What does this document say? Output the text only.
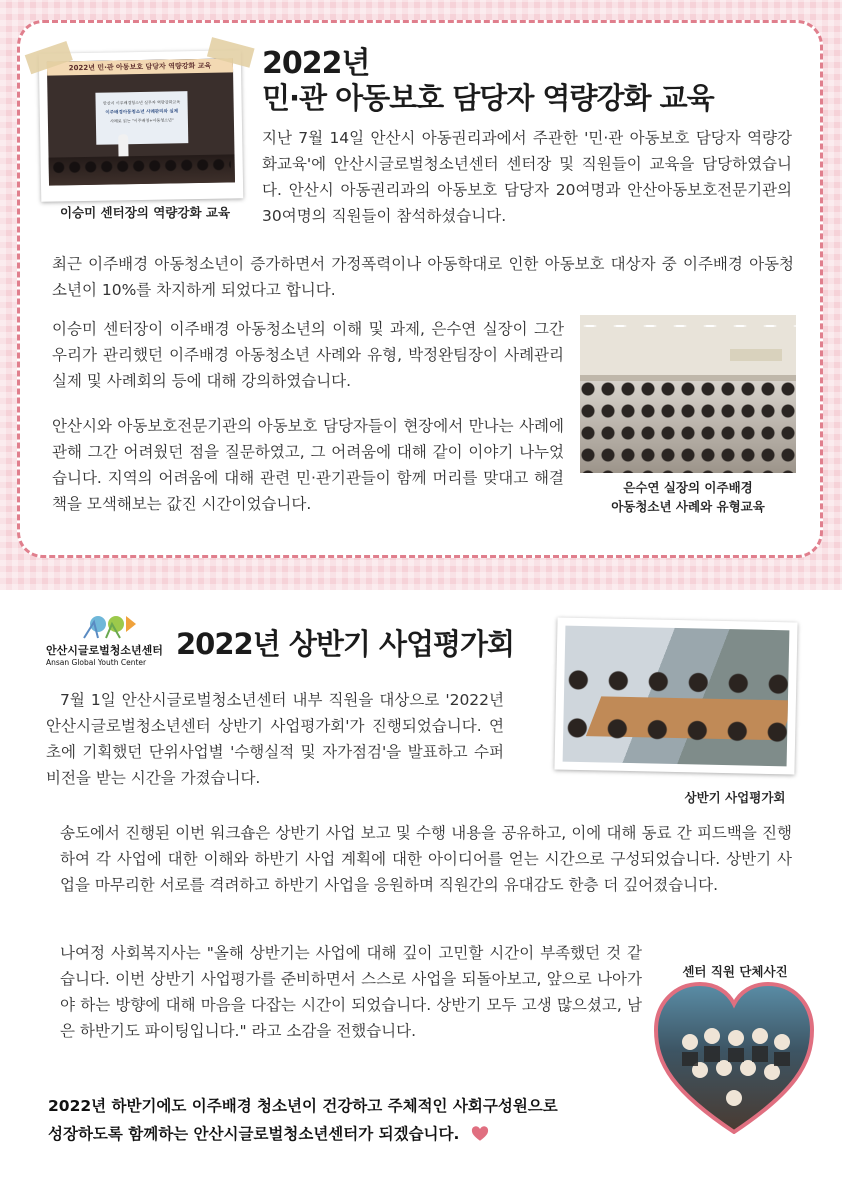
2022년 민·관 아동보호 담당자 역량강화 교육
안산시 이주배경청소년 실무자 역량강화교육
이주배경아동청소년 사례관리와 실제
사례로 읽는 "이주배경+아동청소년"
이승미 센터장의 역량강화 교육
2022년
민·관 아동보호 담당자 역량강화 교육

지난 7월 14일 안산시 아동권리과에서 주관한 '민·관 아동보호 담당자 역량강화교육'에 안산시글로벌청소년센터 센터장 및 직원들이 교육을 담당하였습니다. 안산시 아동권리과의 아동보호 담당자 20여명과 안산아동보호전문기관의 30여명의 직원들이 참석하셨습니다.

최근 이주배경 아동청소년이 증가하면서 가정폭력이나 아동학대로 인한 아동보호 대상자 중 이주배경 아동청소년이 10%를 차지하게 되었다고 합니다.

이승미 센터장이 이주배경 아동청소년의 이해 및 과제, 은수연 실장이 그간 우리가 관리했던 이주배경 아동청소년 사례와 유형, 박정완팀장이 사례관리 실제 및 사례회의 등에 대해 강의하였습니다.

안산시와 아동보호전문기관의 아동보호 담당자들이 현장에서 만나는 사례에 관해 그간 어려웠던 점을 질문하였고, 그 어려움에 대해 같이 이야기 나누었습니다. 지역의 어려움에 대해 관련 민·관기관들이 함께 머리를 맞대고 해결책을 모색해보는 값진 시간이었습니다.

은수연 실장의 이주배경
아동청소년 사례와 유형교육
안산시글로벌청소년센터
Ansan Global Youth Center
2022년 상반기 사업평가회

7월 1일 안산시글로벌청소년센터 내부 직원을 대상으로 '2022년 안산시글로벌청소년센터 상반기 사업평가회'가 진행되었습니다. 연초에 기획했던 단위사업별 '수행실적 및 자가점검'을 발표하고 수퍼비전을 받는 시간을 가졌습니다.

상반기 사업평가회

송도에서 진행된 이번 워크숍은 상반기 사업 보고 및 수행 내용을 공유하고, 이에 대해 동료 간 피드백을 진행하여 각 사업에 대한 이해와 하반기 사업 계획에 대한 아이디어를 얻는 시간으로 구성되었습니다. 상반기 사업을 마무리한 서로를 격려하고 하반기 사업을 응원하며 직원간의 유대감도 한층 더 깊어졌습니다.

나여정 사회복지사는 "올해 상반기는 사업에 대해 깊이 고민할 시간이 부족했던 것 같습니다. 이번 상반기 사업평가를 준비하면서 스스로 사업을 되돌아보고, 앞으로 나아가야 하는 방향에 대해 마음을 다잡는 시간이 되었습니다. 상반기 모두 고생 많으셨고, 남은 하반기도 파이팅입니다." 라고 소감을 전했습니다.

센터 직원 단체사진
2022년 하반기에도 이주배경 청소년이 건강하고 주체적인 사회구성원으로
성장하도록 함께하는 안산시글로벌청소년센터가 되겠습니다.
